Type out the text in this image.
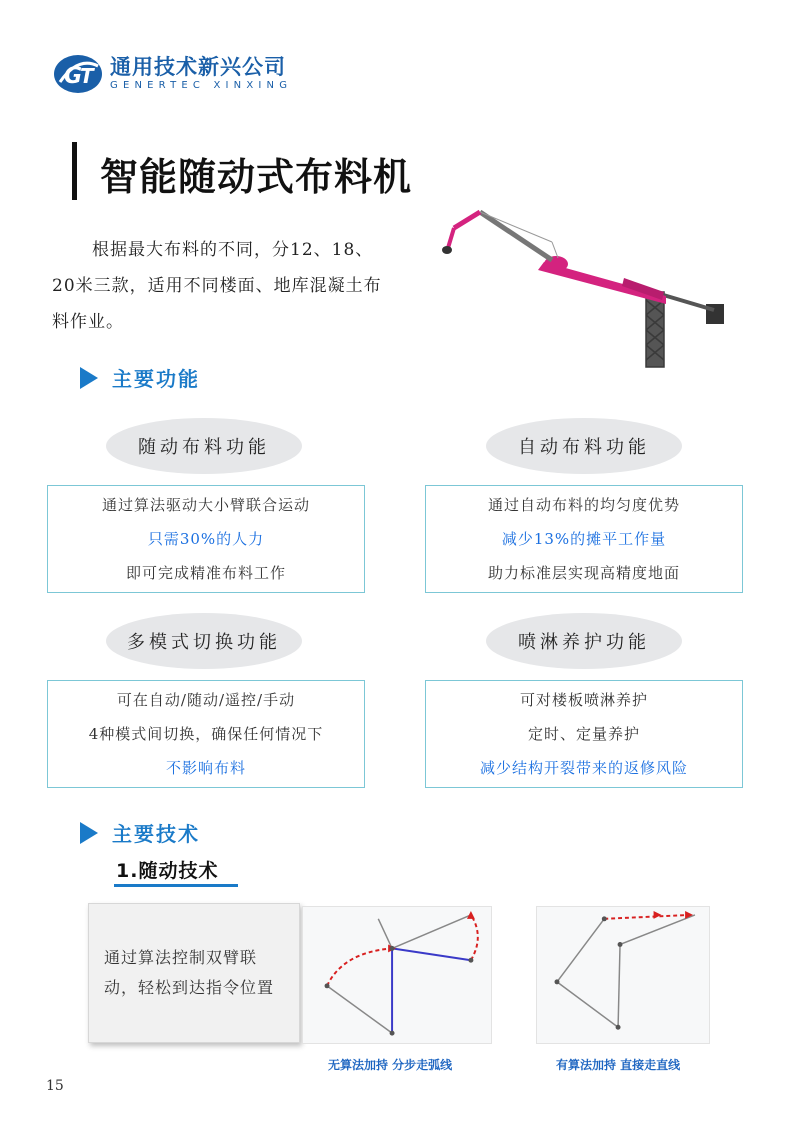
G
T 通用技术新兴公司
GENERTEC XINXING
智能随动式布料机

根据最大布料的不同，分12、18、20米三款，适用不同楼面、地库混凝土布料作业。

主要功能
随动布料功能
通过算法驱动大小臂联合运动
只需30%的人力
即可完成精准布料工作
自动布料功能
通过自动布料的均匀度优势
减少13%的摊平工作量
助力标准层实现高精度地面
多模式切换功能
可在自动/随动/遥控/手动
4种模式间切换，确保任何情况下
不影响布料
喷淋养护功能
可对楼板喷淋养护
定时、定量养护
减少结构开裂带来的返修风险
主要技术
1.随动技术
通过算法控制双臂联动，轻松到达指令位置
无算法加持 分步走弧线	有算法加持 直接走直线
15
